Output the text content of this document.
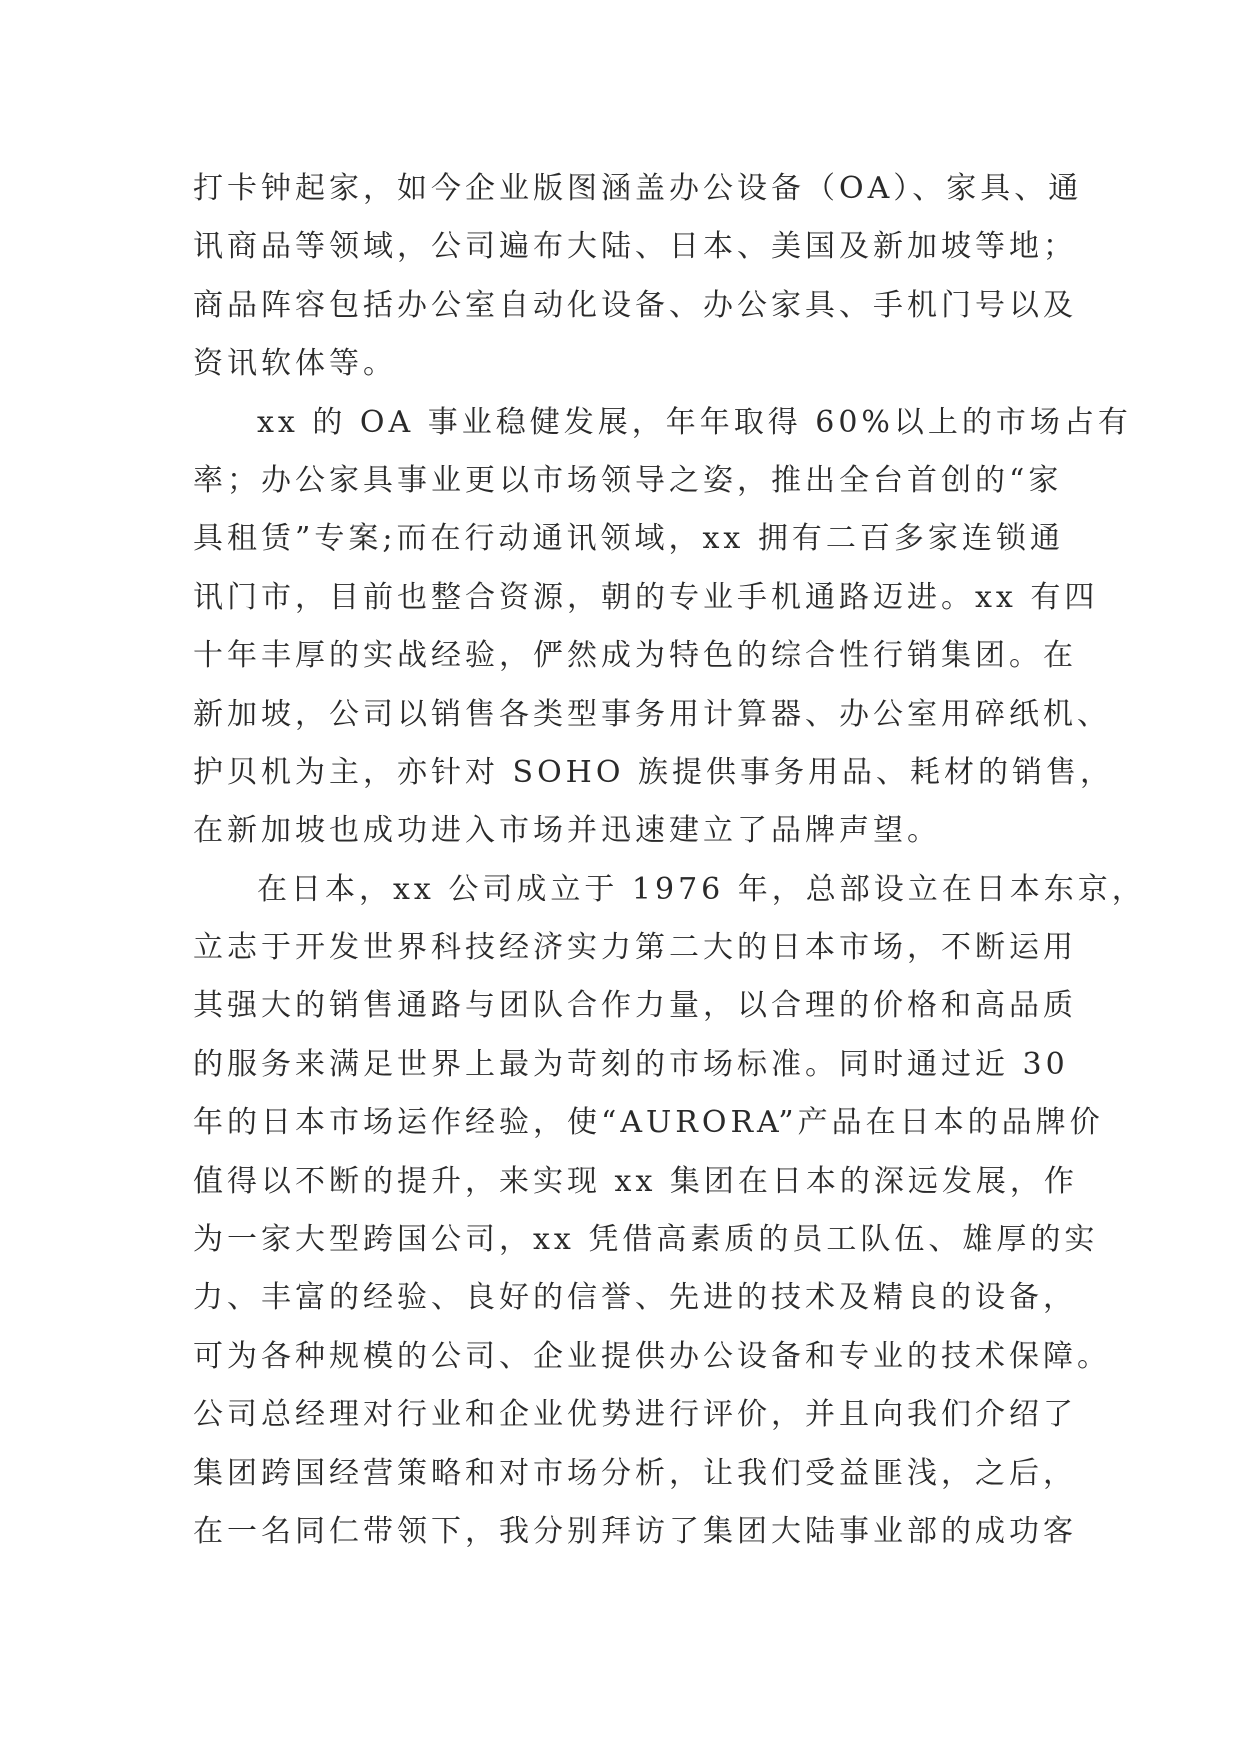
打卡钟起家，如今企业版图涵盖办公设备（OA）、家具、通
讯商品等领域，公司遍布大陆、日本、美国及新加坡等地；
商品阵容包括办公室自动化设备、办公家具、手机门号以及
资讯软体等。
xx 的 OA 事业稳健发展，年年取得 60%以上的市场占有
率；办公家具事业更以市场领导之姿，推出全台首创的“家
具租赁”专案;而在行动通讯领域，xx 拥有二百多家连锁通
讯门市，目前也整合资源，朝的专业手机通路迈进。xx 有四
十年丰厚的实战经验，俨然成为特色的综合性行销集团。在
新加坡，公司以销售各类型事务用计算器、办公室用碎纸机、
护贝机为主，亦针对 SOHO 族提供事务用品、耗材的销售，
在新加坡也成功进入市场并迅速建立了品牌声望。
在日本，xx 公司成立于 1976 年，总部设立在日本东京，
立志于开发世界科技经济实力第二大的日本市场，不断运用
其强大的销售通路与团队合作力量，以合理的价格和高品质
的服务来满足世界上最为苛刻的市场标准。同时通过近 30
年的日本市场运作经验，使“AURORA”产品在日本的品牌价
值得以不断的提升，来实现 xx 集团在日本的深远发展，作
为一家大型跨国公司，xx 凭借高素质的员工队伍、雄厚的实
力、丰富的经验、良好的信誉、先进的技术及精良的设备，
可为各种规模的公司、企业提供办公设备和专业的技术保障。
公司总经理对行业和企业优势进行评价，并且向我们介绍了
集团跨国经营策略和对市场分析，让我们受益匪浅，之后，
在一名同仁带领下，我分别拜访了集团大陆事业部的成功客
